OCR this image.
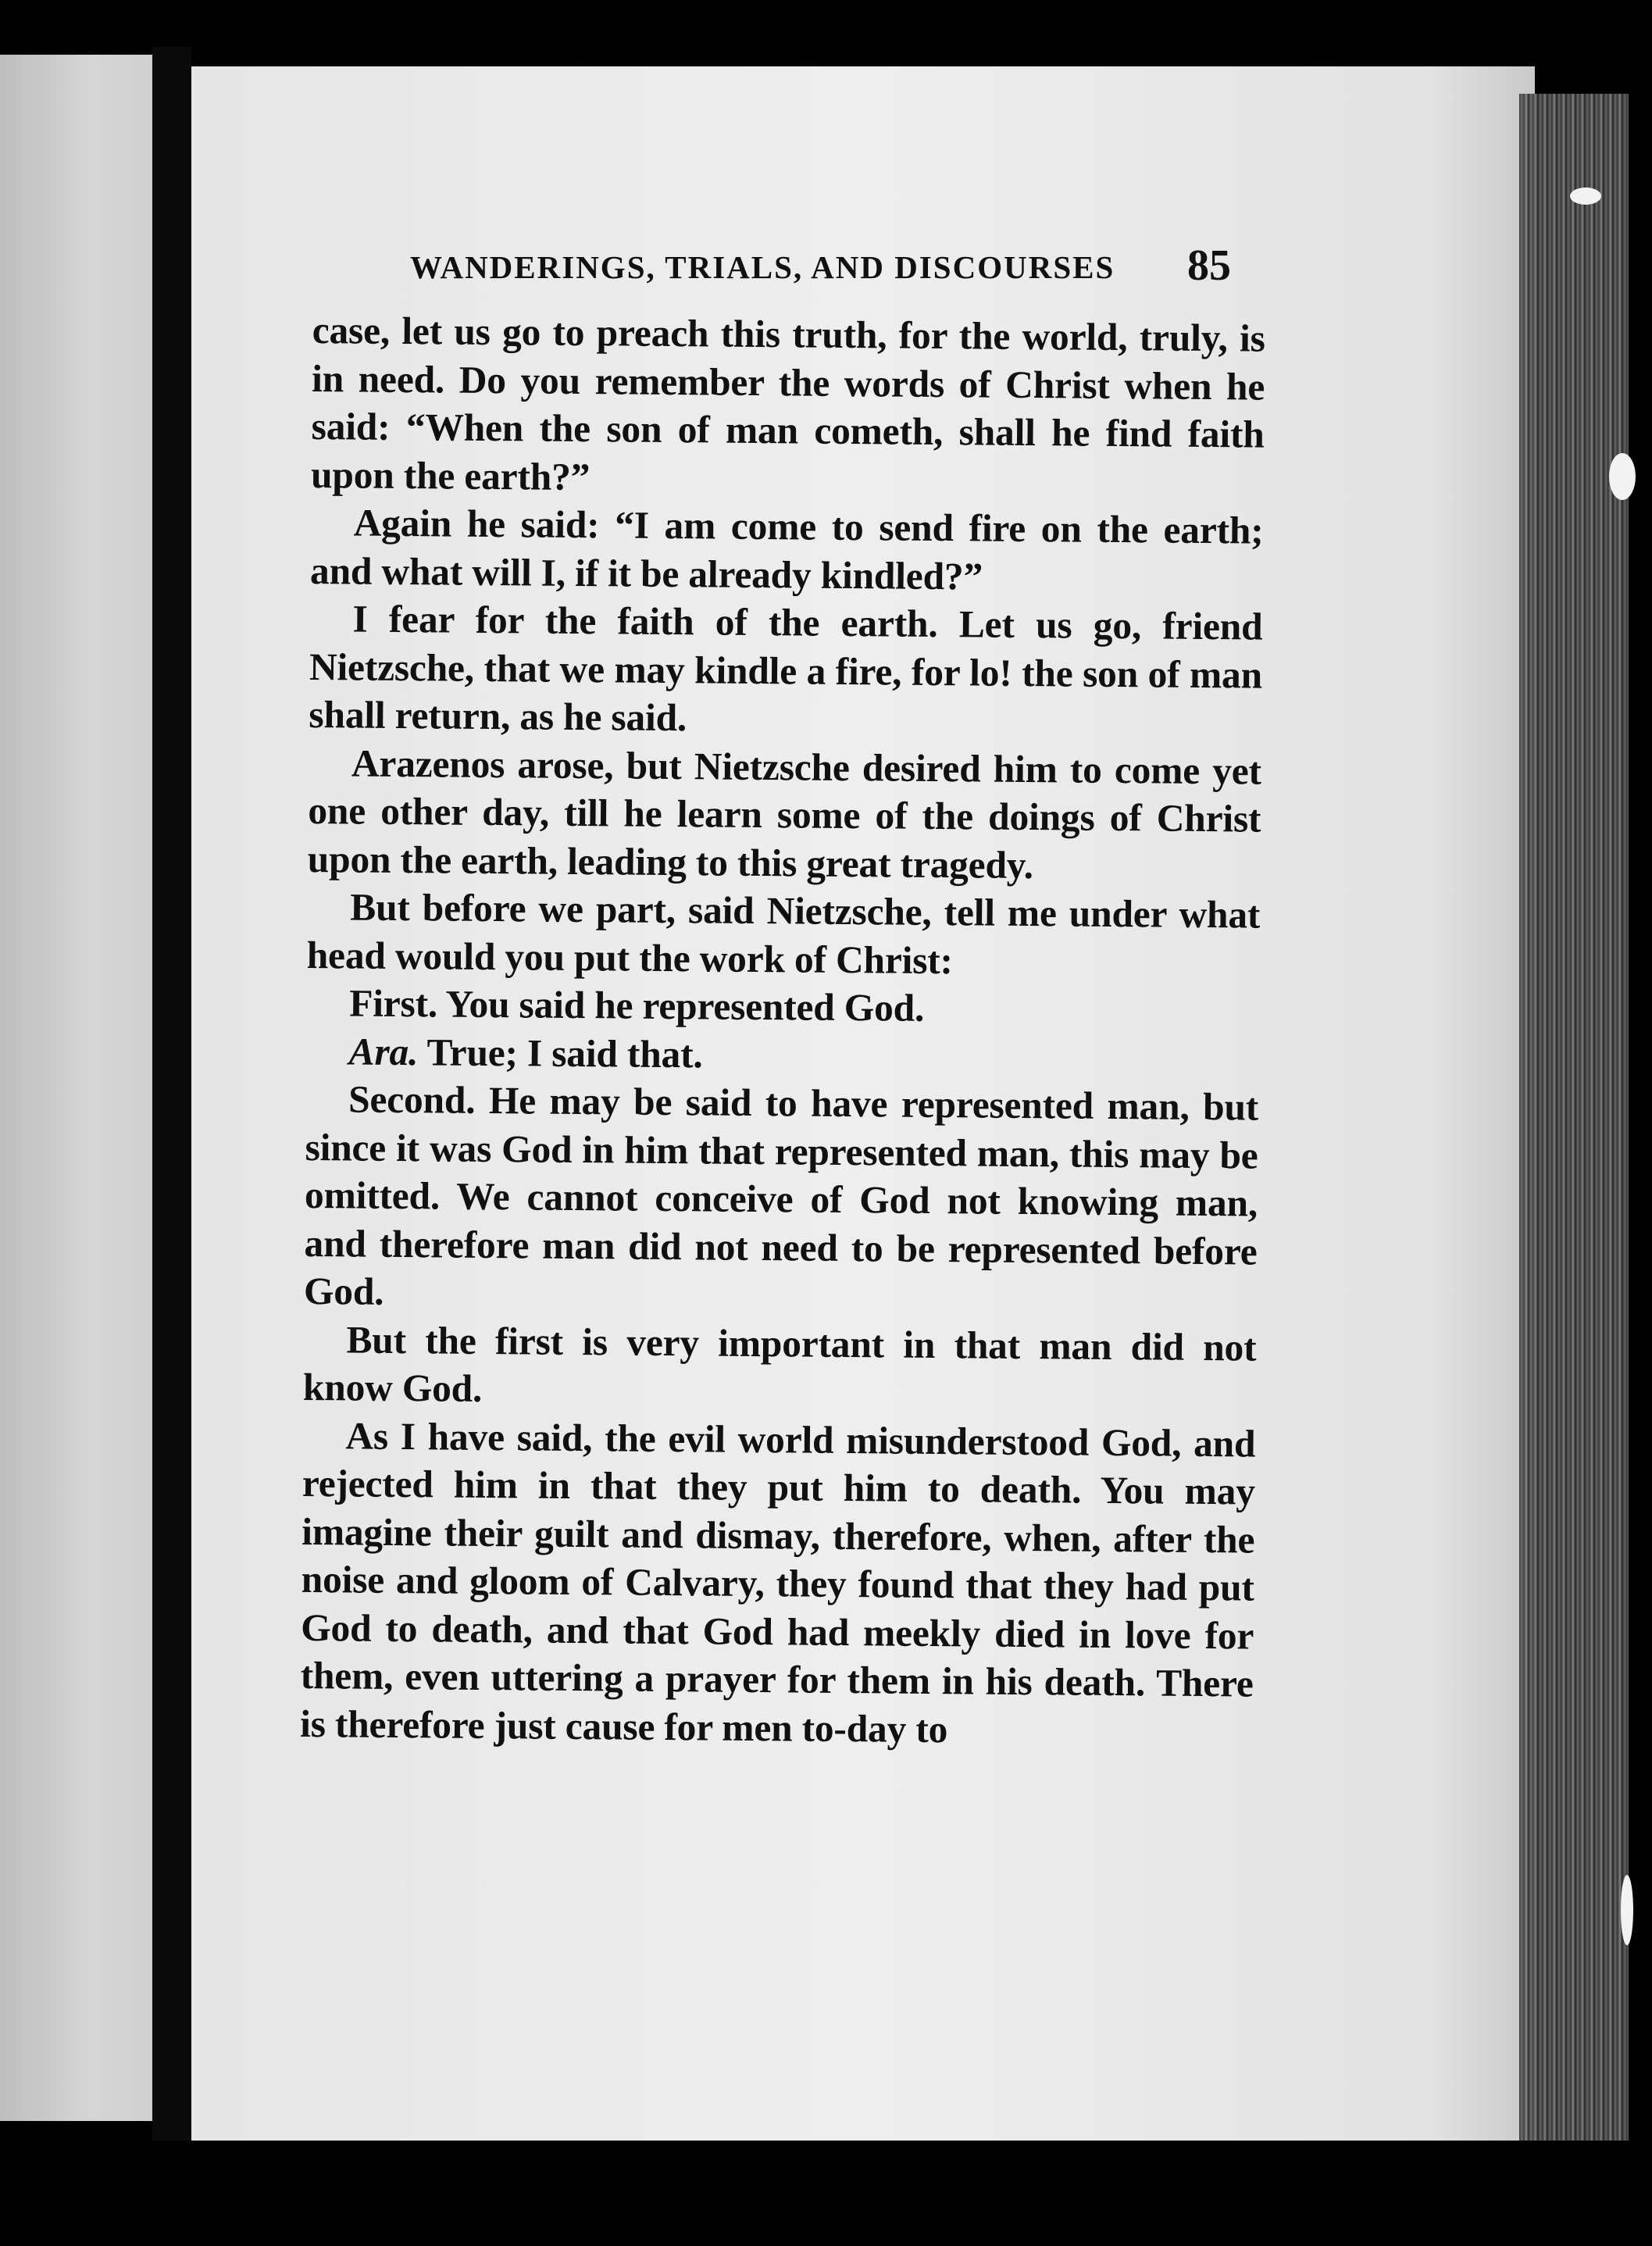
WANDERINGS, TRIALS, AND DISCOURSES	85

case, let us go to preach this truth, for the world, truly, is in need. Do you remember the words of Christ when he said: “When the son of man cometh, shall he find faith upon the earth?”

Again he said: “I am come to send fire on the earth; and what will I, if it be already kindled?”

I fear for the faith of the earth. Let us go, friend Nietzsche, that we may kindle a fire, for lo! the son of man shall return, as he said.

Arazenos arose, but Nietzsche desired him to come yet one other day, till he learn some of the doings of Christ upon the earth, leading to this great tragedy.

But before we part, said Nietzsche, tell me under what head would you put the work of Christ:

First. You said he represented God.

Ara. True; I said that.

Second. He may be said to have represented man, but since it was God in him that represented man, this may be omitted. We cannot conceive of God not knowing man, and therefore man did not need to be represented before God.

But the first is very important in that man did not know God.

As I have said, the evil world misunderstood God, and rejected him in that they put him to death. You may imagine their guilt and dismay, therefore, when, after the noise and gloom of Calvary, they found that they had put God to death, and that God had meekly died in love for them, even uttering a prayer for them in his death. There is therefore just cause for men to-day to
